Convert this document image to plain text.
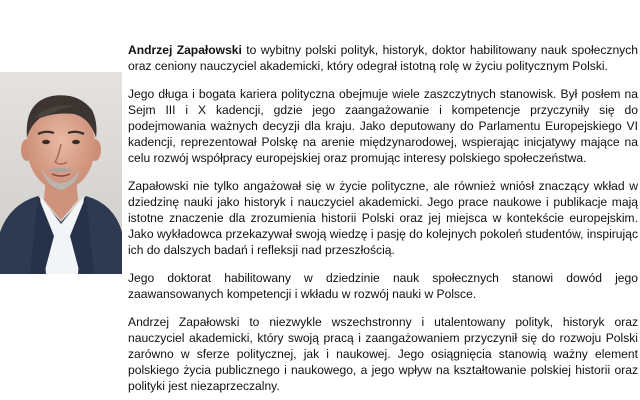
Andrzej Zapałowski to wybitny polski polityk, historyk, doktor habilitowany nauk społecznych oraz ceniony nauczyciel akademicki, który odegrał istotną rolę w życiu politycznym Polski.

Jego długa i bogata kariera polityczna obejmuje wiele zaszczytnych stanowisk. Był posłem na Sejm III i X kadencji, gdzie jego zaangażowanie i kompetencje przyczyniły się do podejmowania ważnych decyzji dla kraju. Jako deputowany do Parlamentu Europejskiego VI kadencji, reprezentował Polskę na arenie międzynarodowej, wspierając inicjatywy mające na celu rozwój współpracy europejskiej oraz promując interesy polskiego społeczeństwa.

Zapałowski nie tylko angażował się w życie polityczne, ale również wniósł znaczący wkład w dziedzinę nauki jako historyk i nauczyciel akademicki. Jego prace naukowe i publikacje mają istotne znaczenie dla zrozumienia historii Polski oraz jej miejsca w kontekście europejskim. Jako wykładowca przekazywał swoją wiedzę i pasję do kolejnych pokoleń studentów, inspirując ich do dalszych badań i refleksji nad przeszłością.

Jego doktorat habilitowany w dziedzinie nauk społecznych stanowi dowód jego zaawansowanych kompetencji i wkładu w rozwój nauki w Polsce.

Andrzej Zapałowski to niezwykle wszechstronny i utalentowany polityk, historyk oraz nauczyciel akademicki, który swoją pracą i zaangażowaniem przyczynił się do rozwoju Polski zarówno w sferze politycznej, jak i naukowej. Jego osiągnięcia stanowią ważny element polskiego życia publicznego i naukowego, a jego wpływ na kształtowanie polskiej historii oraz polityki jest niezaprzeczalny.
